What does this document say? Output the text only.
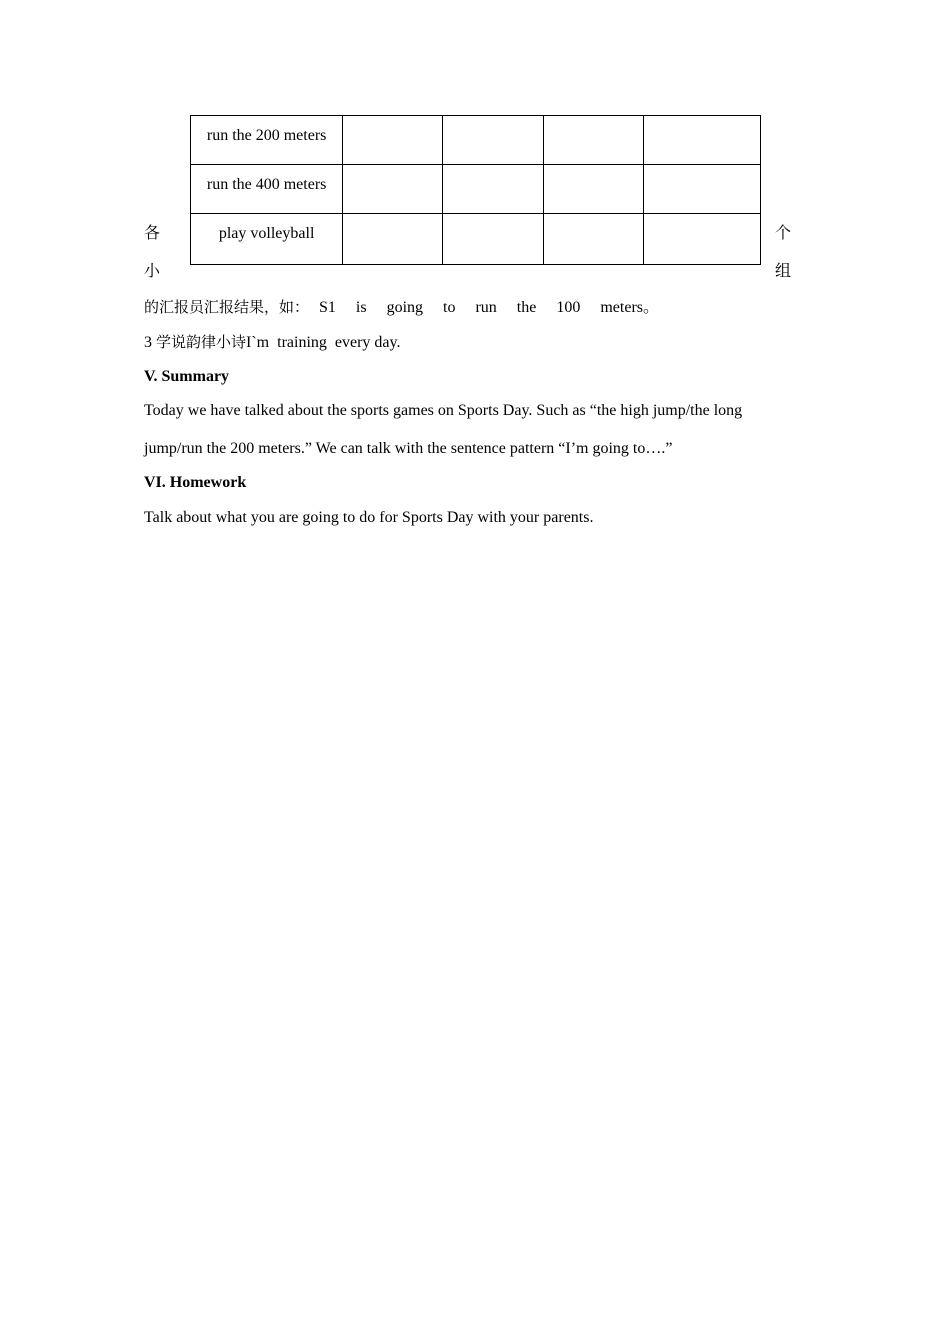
run the 200 meters				
run the 400 meters				
play volleyball				
各
小
个
组
的汇报员汇报结果，如： S1  is  going  to  run  the  100  meters。
3 学说韵律小诗I`m  training  every day.
V. Summary
Today we have talked about the sports games on Sports Day. Such as “the high jump/the long
jump/run the 200 meters.” We can talk with the sentence pattern “I’m going to….”
VI. Homework
Talk about what you are going to do for Sports Day with your parents.
